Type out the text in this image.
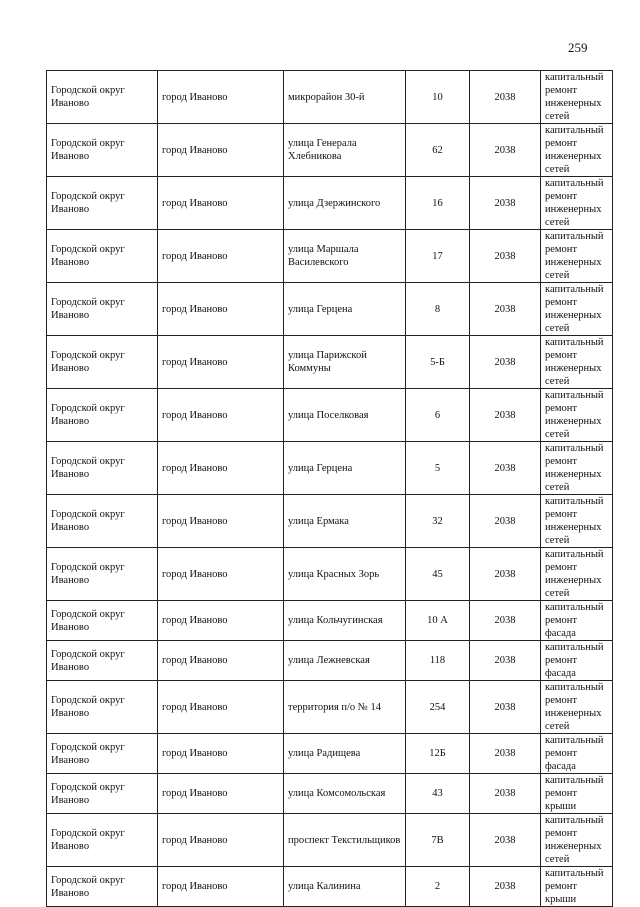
259
Городской округ Иваново	город Иваново	микрорайон 30-й	10	2038	капитальный ремонт инженерных сетей
Городской округ Иваново	город Иваново	улица Генерала Хлебникова	62	2038	капитальный ремонт инженерных сетей
Городской округ Иваново	город Иваново	улица Дзержинского	16	2038	капитальный ремонт инженерных сетей
Городской округ Иваново	город Иваново	улица Маршала Василевского	17	2038	капитальный ремонт инженерных сетей
Городской округ Иваново	город Иваново	улица Герцена	8	2038	капитальный ремонт инженерных сетей
Городской округ Иваново	город Иваново	улица Парижской Коммуны	5-Б	2038	капитальный ремонт инженерных сетей
Городской округ Иваново	город Иваново	улица Поселковая	6	2038	капитальный ремонт инженерных сетей
Городской округ Иваново	город Иваново	улица Герцена	5	2038	капитальный ремонт инженерных сетей
Городской округ Иваново	город Иваново	улица Ермака	32	2038	капитальный ремонт инженерных сетей
Городской округ Иваново	город Иваново	улица Красных Зорь	45	2038	капитальный ремонт инженерных сетей
Городской округ Иваново	город Иваново	улица Кольчугинская	10 А	2038	капитальный ремонт фасада
Городской округ Иваново	город Иваново	улица Лежневская	118	2038	капитальный ремонт фасада
Городской округ Иваново	город Иваново	территория п/о № 14	254	2038	капитальный ремонт инженерных сетей
Городской округ Иваново	город Иваново	улица Радищева	12Б	2038	капитальный ремонт фасада
Городской округ Иваново	город Иваново	улица Комсомольская	43	2038	капитальный ремонт крыши
Городской округ Иваново	город Иваново	проспект Текстильщиков	7В	2038	капитальный ремонт инженерных сетей
Городской округ Иваново	город Иваново	улица Калинина	2	2038	капитальный ремонт крыши
